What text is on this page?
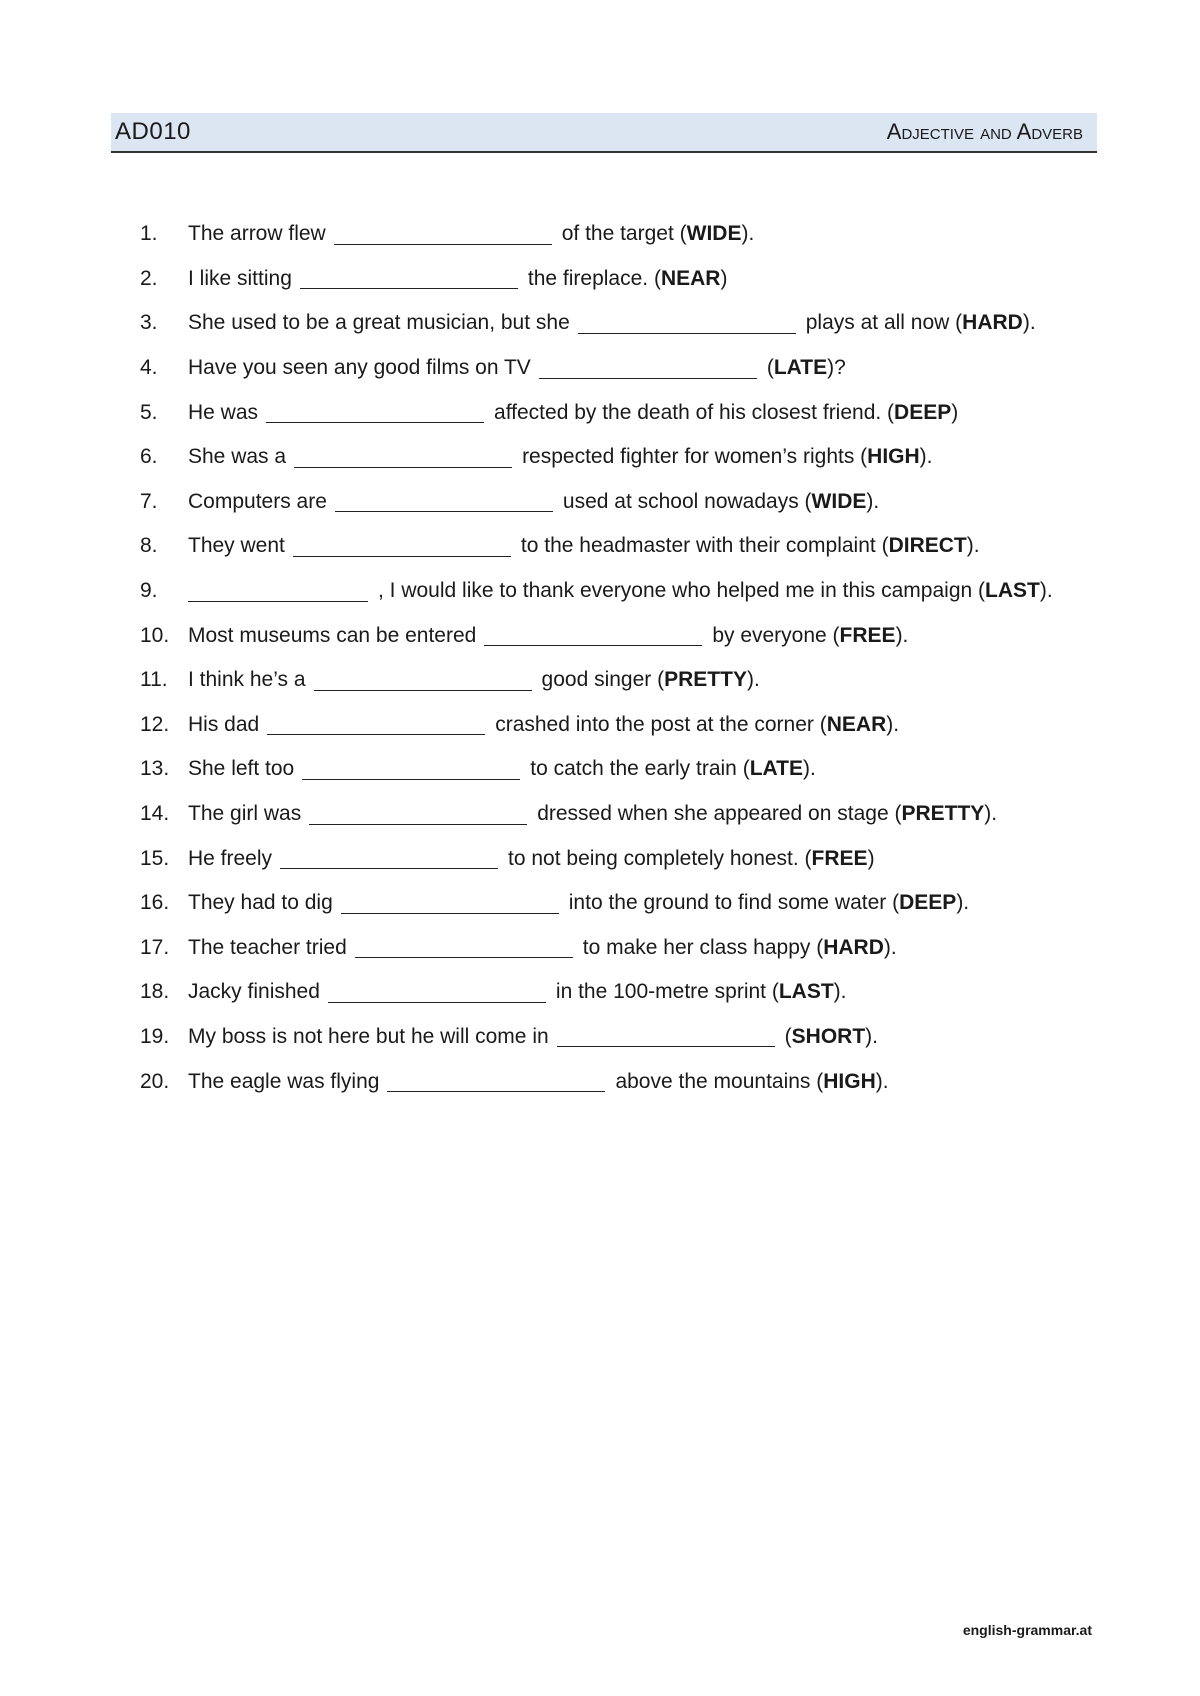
AD010	Adjective and Adverb
1.	The arrow flew	of the target ( WIDE ).
2.	I like sitting	the fireplace. ( NEAR )
3.	She used to be a great musician, but she	plays at all now ( HARD ).
4.	Have you seen any good films on TV	( LATE )?
5.	He was	affected by the death of his closest friend. ( DEEP )
6.	She was a	respected fighter for women’s rights ( HIGH ).
7.	Computers are	used at school nowadays ( WIDE ).
8.	They went	to the headmaster with their complaint ( DIRECT ).
9.	, I would like to thank everyone who helped me in this campaign ( LAST ).
10. Most museums can be entered	by everyone ( FREE ).
11. I think he’s a	good singer ( PRETTY ).
12. His dad	crashed into the post at the corner ( NEAR ).
13. She left too	to catch the early train ( LATE ).
14. The girl was	dressed when she appeared on stage ( PRETTY ).
15. He freely	to not being completely honest. ( FREE )
16. They had to dig	into the ground to find some water ( DEEP ).
17. The teacher tried	to make her class happy ( HARD ).
18. Jacky finished	in the 100-metre sprint ( LAST ).
19. My boss is not here but he will come in	( SHORT ).
20. The eagle was flying	above the mountains ( HIGH ).
english-grammar.at
